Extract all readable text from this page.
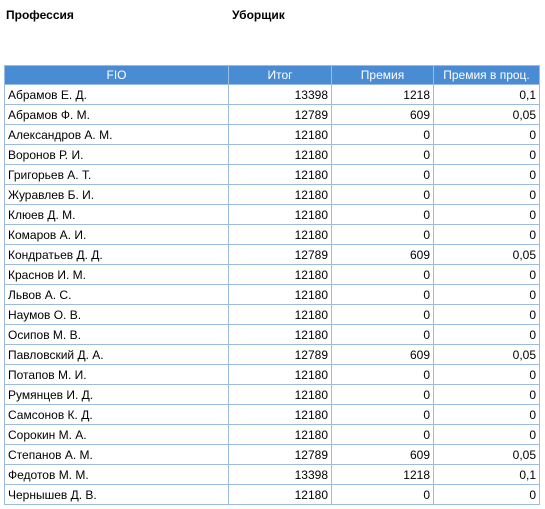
Профессия	Уборщик
FIO	Итог	Премия	Премия в проц.
Абрамов Е. Д.	13398	1218	0,1
Абрамов Ф. М.	12789	609	0,05
Александров А. М.	12180	0	0
Воронов Р. И.	12180	0	0
Григорьев А. Т.	12180	0	0
Журавлев Б. И.	12180	0	0
Клюев Д. М.	12180	0	0
Комаров А. И.	12180	0	0
Кондратьев Д. Д.	12789	609	0,05
Краснов И. М.	12180	0	0
Львов А. С.	12180	0	0
Наумов О. В.	12180	0	0
Осипов М. В.	12180	0	0
Павловский Д. А.	12789	609	0,05
Потапов М. И.	12180	0	0
Румянцев И. Д.	12180	0	0
Самсонов К. Д.	12180	0	0
Сорокин М. А.	12180	0	0
Степанов А. М.	12789	609	0,05
Федотов М. М.	13398	1218	0,1
Чернышев Д. В.	12180	0	0
